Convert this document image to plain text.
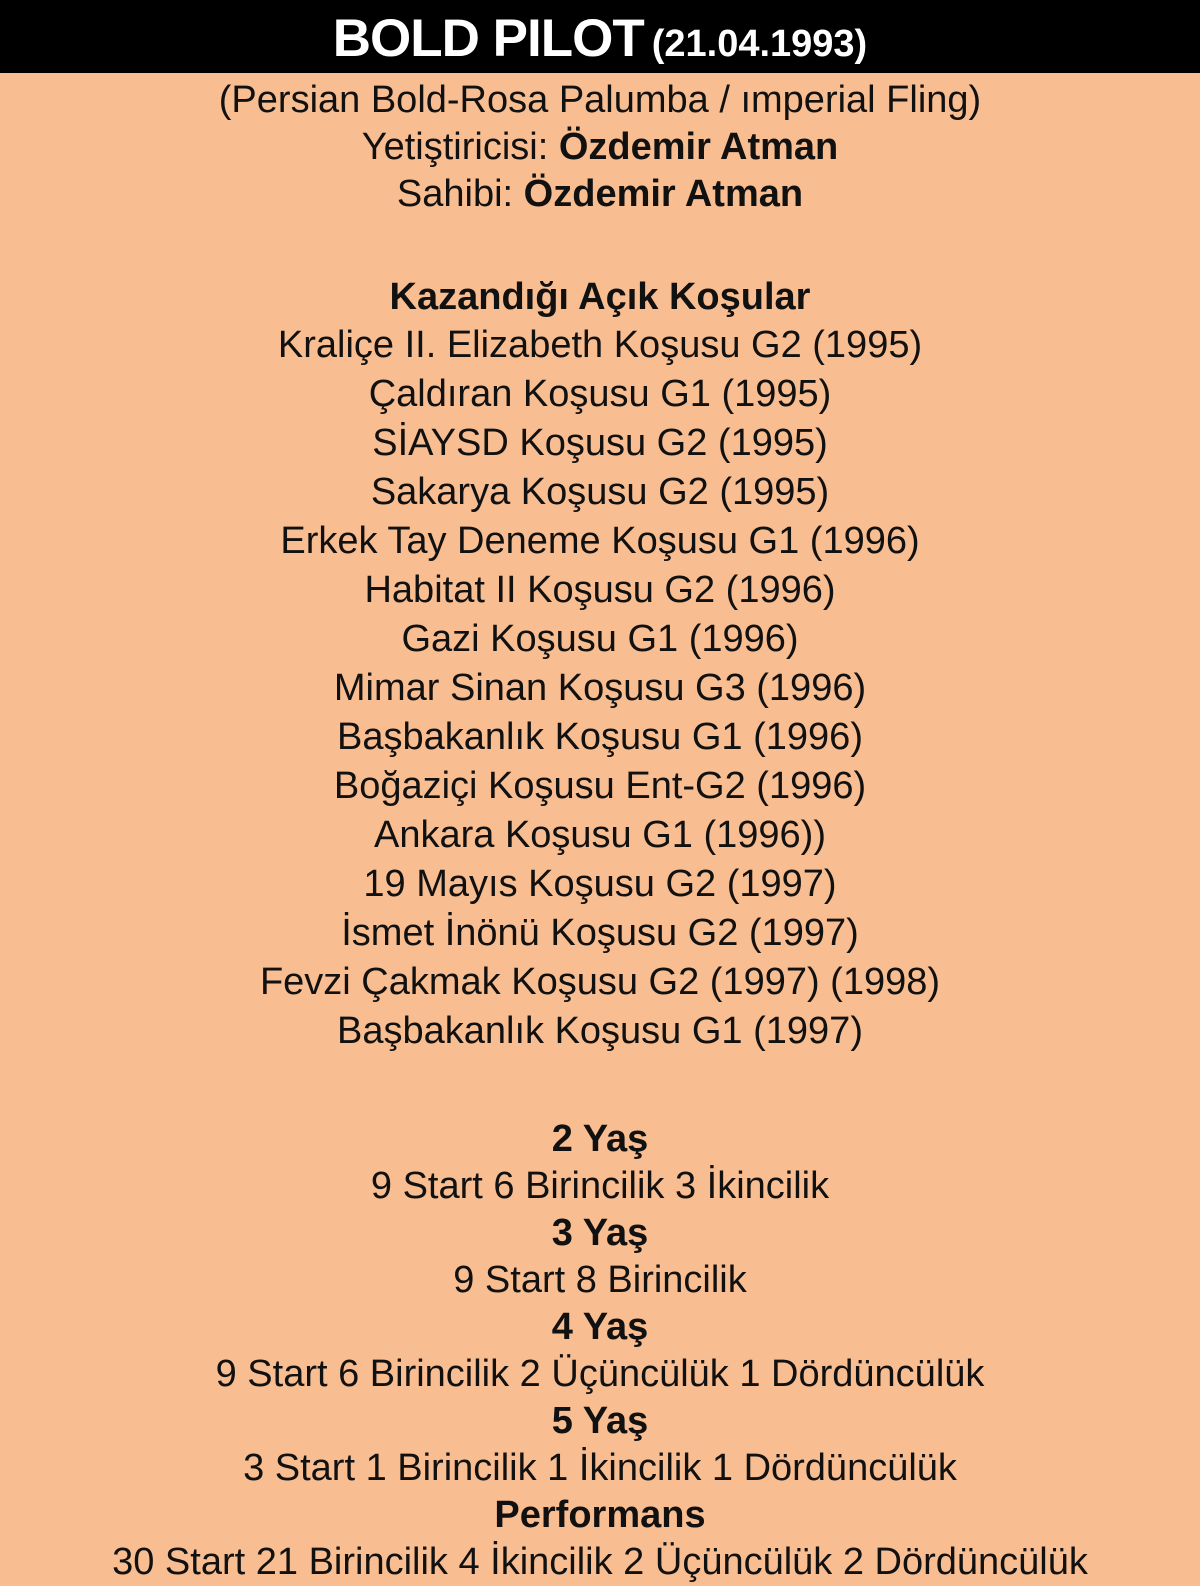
BOLD PILOT (21.04.1993)
(Persian Bold-Rosa Palumba / ımperial Fling)
Yetiştiricisi: Özdemir Atman
Sahibi: Özdemir Atman
Kazandığı Açık Koşular
Kraliçe II. Elizabeth Koşusu G2 (1995)
Çaldıran Koşusu G1 (1995)
SİAYSD Koşusu G2 (1995)
Sakarya Koşusu G2 (1995)
Erkek Tay Deneme Koşusu G1 (1996)
Habitat II Koşusu G2 (1996)
Gazi Koşusu G1 (1996)
Mimar Sinan Koşusu G3 (1996)
Başbakanlık Koşusu G1 (1996)
Boğaziçi Koşusu Ent-G2 (1996)
Ankara Koşusu G1 (1996))
19 Mayıs Koşusu G2 (1997)
İsmet İnönü Koşusu G2 (1997)
Fevzi Çakmak Koşusu G2 (1997) (1998)
Başbakanlık Koşusu G1 (1997)
2 Yaş
9 Start 6 Birincilik 3 İkincilik
3 Yaş
9 Start 8 Birincilik
4 Yaş
9 Start 6 Birincilik 2 Üçüncülük 1 Dördüncülük
5 Yaş
3 Start 1 Birincilik 1 İkincilik 1 Dördüncülük
Performans
30 Start 21 Birincilik 4 İkincilik 2 Üçüncülük 2 Dördüncülük
